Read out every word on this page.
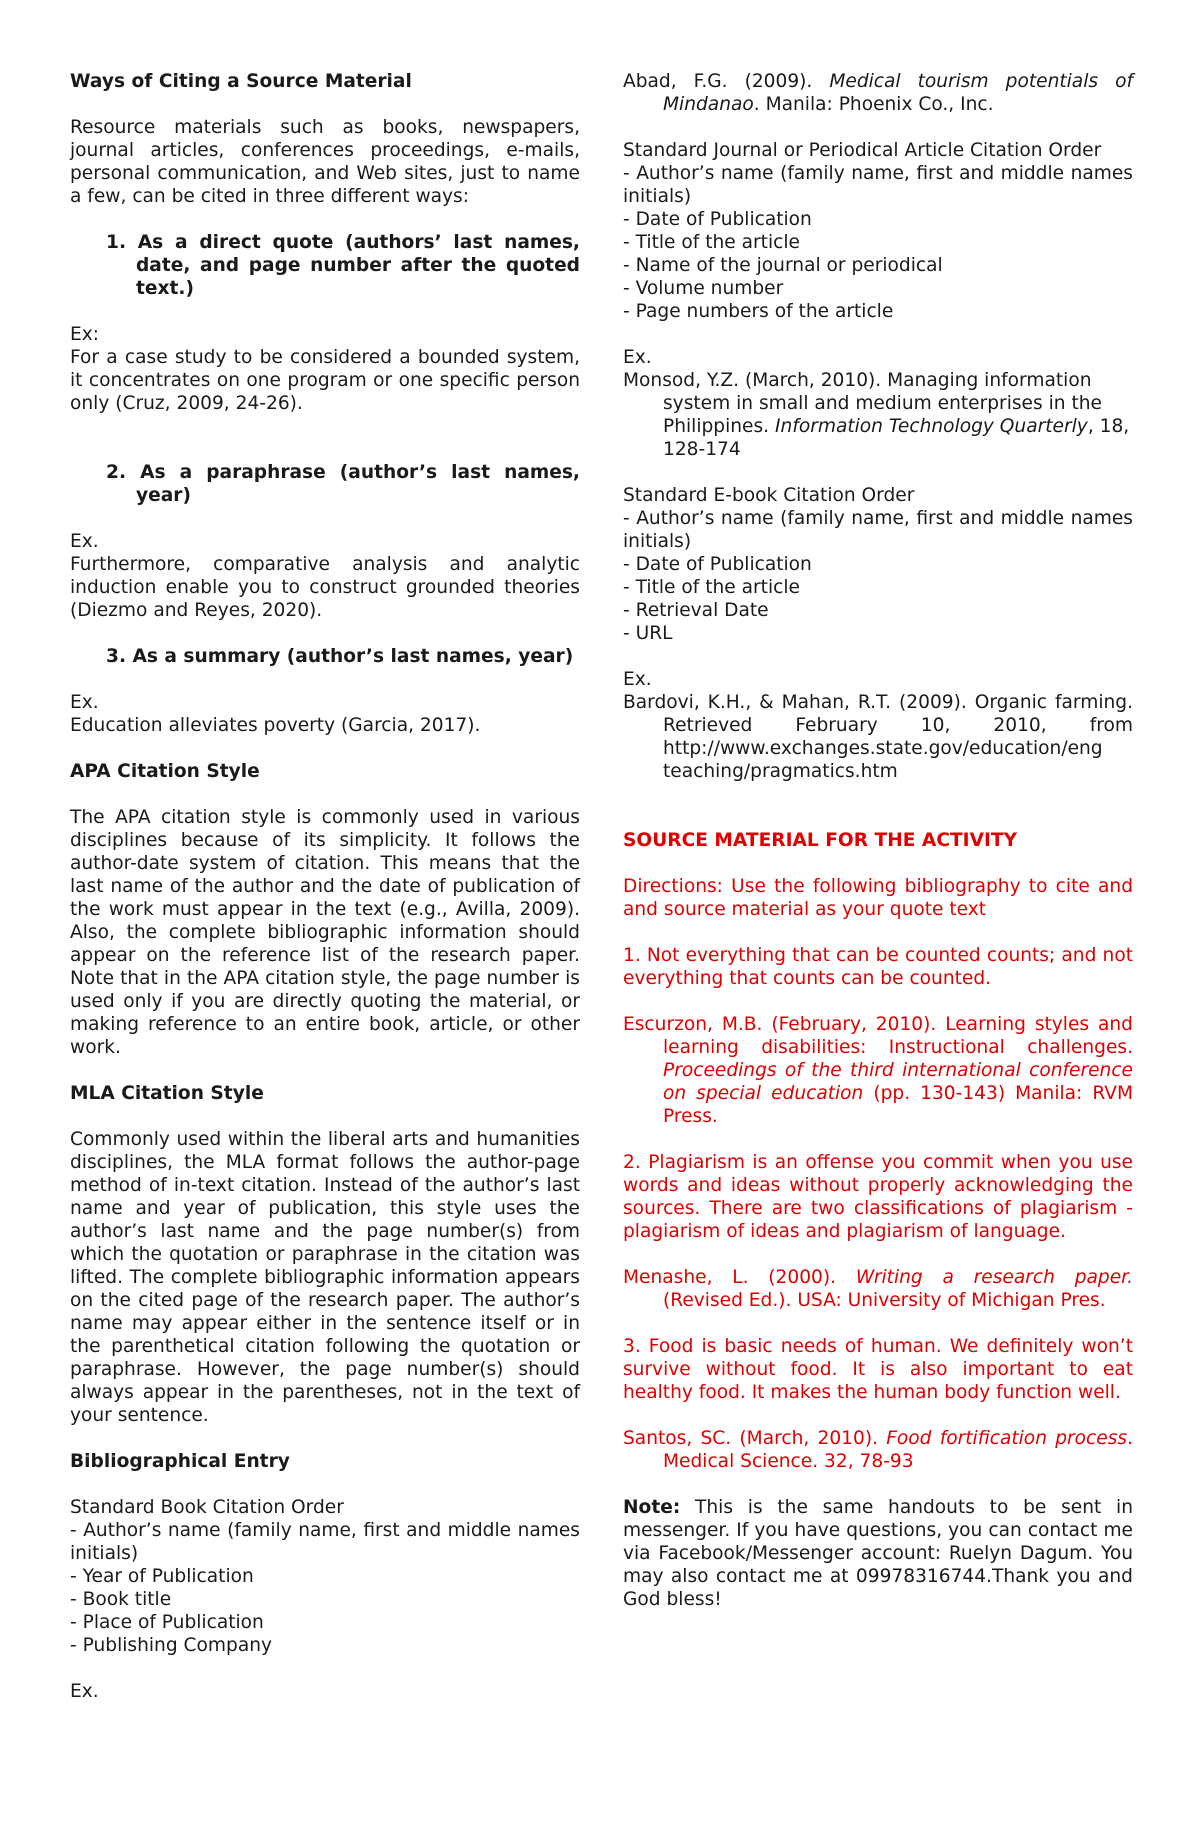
Ways of Citing a Source Material

Resource materials such as books, newspapers, journal articles, conferences proceedings, e-mails, personal communication, and Web sites, just to name a few, can be cited in three different ways:

1. As a direct quote (authors’ last names, date, and page number after the quoted text.)

Ex:

For a case study to be considered a bounded system, it concentrates on one program or one specific person only (Cruz, 2009, 24-26).

2. As a paraphrase (author’s last names, year)

Ex.

Furthermore, comparative analysis and analytic induction enable you to construct grounded theories (Diezmo and Reyes, 2020).

3. As a summary (author’s last names, year)

Ex.

Education alleviates poverty (Garcia, 2017).

APA Citation Style

The APA citation style is commonly used in various disciplines because of its simplicity. It follows the author-date system of citation. This means that the last name of the author and the date of publication of the work must appear in the text (e.g., Avilla, 2009). Also, the complete bibliographic information should appear on the reference list of the research paper. Note that in the APA citation style, the page number is used only if you are directly quoting the material, or making reference to an entire book, article, or other work.

MLA Citation Style

Commonly used within the liberal arts and humanities disciplines, the MLA format follows the author-page method of in-text citation. Instead of the author’s last name and year of publication, this style uses the author’s last name and the page number(s) from which the quotation or paraphrase in the citation was lifted. The complete bibliographic information appears on the cited page of the research paper. The author’s name may appear either in the sentence itself or in the parenthetical citation following the quotation or paraphrase. However, the page number(s) should always appear in the parentheses, not in the text of your sentence.

Bibliographical Entry

Standard Book Citation Order

- Author’s name (family name, first and middle names initials)

- Year of Publication

- Book title

- Place of Publication

- Publishing Company

Ex.

Abad, F.G. (2009). Medical tourism potentials of Mindanao. Manila: Phoenix Co., Inc.

Standard Journal or Periodical Article Citation Order

- Author’s name (family name, first and middle names initials)

- Date of Publication

- Title of the article

- Name of the journal or periodical

- Volume number

- Page numbers of the article

Ex.

Monsod, Y.Z. (March, 2010). Managing information system in small and medium enterprises in the Philippines. Information Technology Quarterly, 18, 128-174

Standard E-book Citation Order

- Author’s name (family name, first and middle names initials)

- Date of Publication

- Title of the article

- Retrieval Date

- URL

Ex.

Bardovi, K.H., & Mahan, R.T. (2009). Organic farming. Retrieved February 10, 2010, from http://www.exchanges.state.gov/education/eng teaching/pragmatics.htm

SOURCE MATERIAL FOR THE ACTIVITY

Directions: Use the following bibliography to cite and and source material as your quote text

1. Not everything that can be counted counts; and not everything that counts can be counted.

Escurzon, M.B. (February, 2010). Learning styles and learning disabilities: Instructional challenges. Proceedings of the third international conference on special education (pp. 130-143) Manila: RVM Press.

2. Plagiarism is an offense you commit when you use words and ideas without properly acknowledging the sources. There are two classifications of plagiarism - plagiarism of ideas and plagiarism of language.

Menashe, L. (2000). Writing a research paper. (Revised Ed.). USA: University of Michigan Pres.

3. Food is basic needs of human. We definitely won’t survive without food. It is also important to eat healthy food. It makes the human body function well.

Santos, SC. (March, 2010). Food fortification process. Medical Science. 32, 78-93

Note: This is the same handouts to be sent in messenger. If you have questions, you can contact me via Facebook/Messenger account: Ruelyn Dagum. You may also contact me at 09978316744.Thank you and God bless!
